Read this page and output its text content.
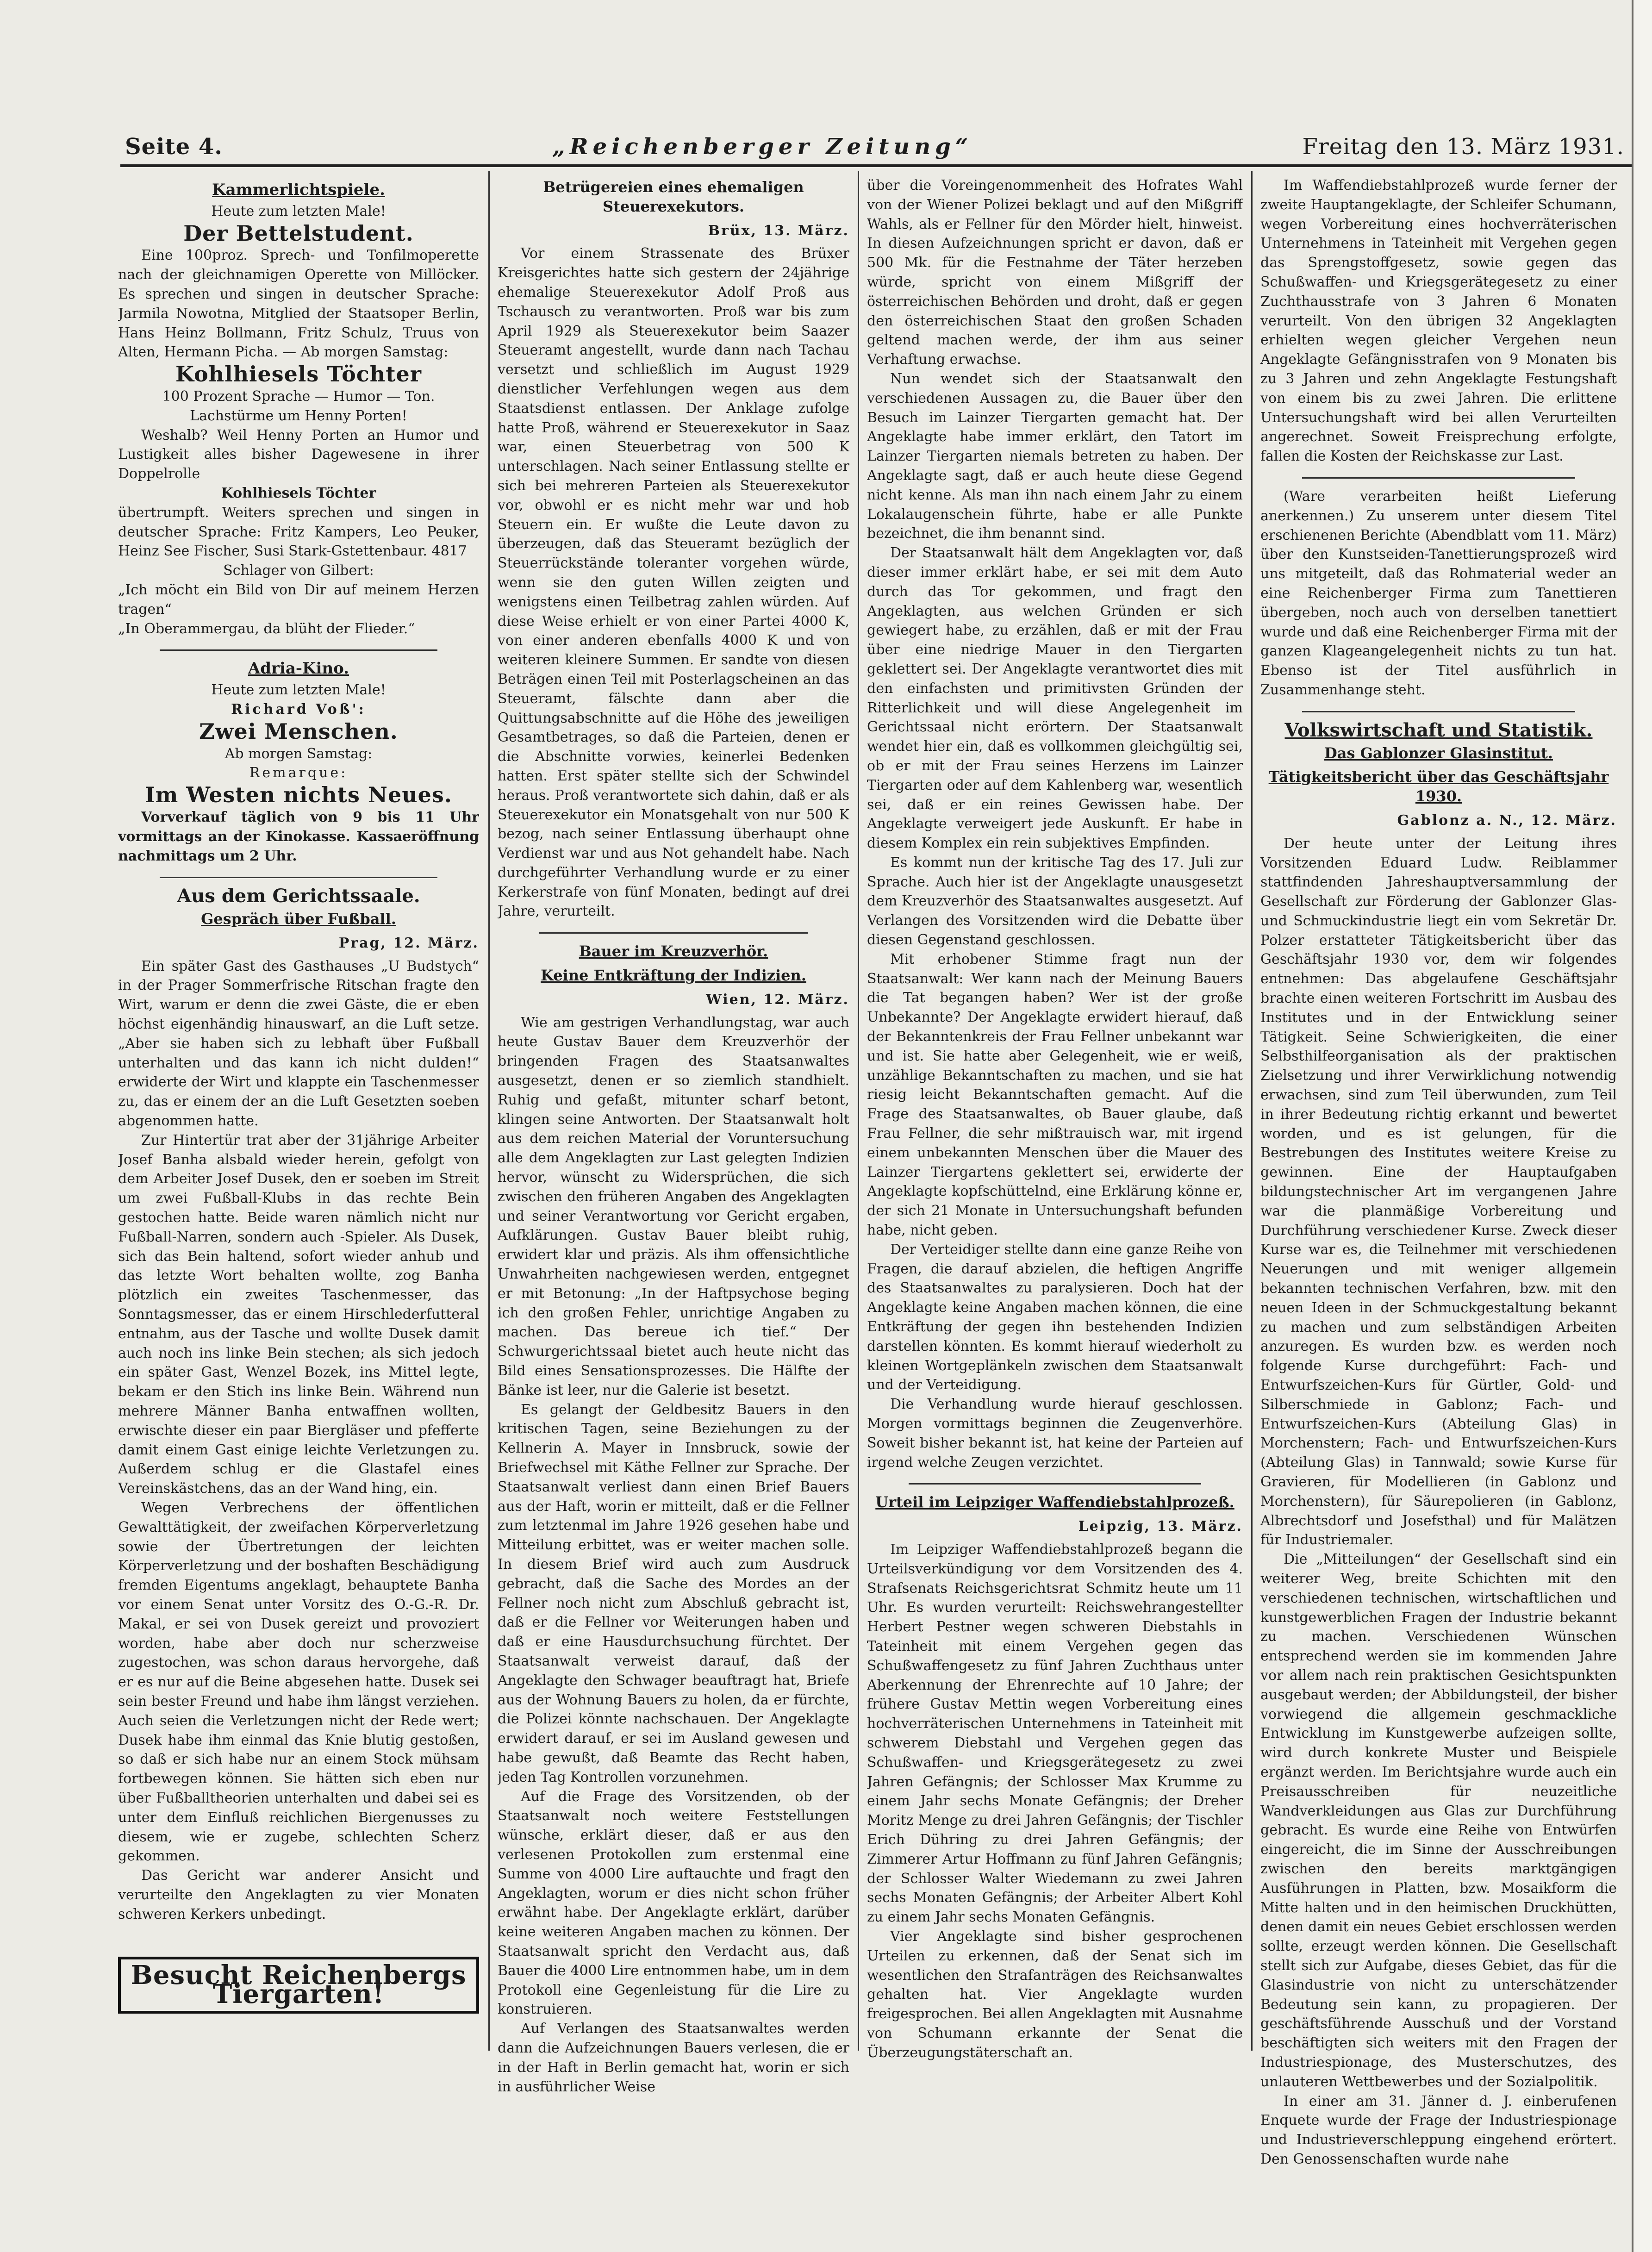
Seite 4.	„Reichenberger Zeitung“	Freitag den 13. März 1931.
Kammerlichtspiele.

Heute zum letzten Male!

Der Bettelstudent.

Eine 100proz. Sprech- und Tonfilmoperette nach der gleichnamigen Operette von Millöcker. Es sprechen und singen in deutscher Sprache: Jarmila Nowotna, Mitglied der Staatsoper Berlin, Hans Heinz Bollmann, Fritz Schulz, Truus von Alten, Hermann Picha. — Ab morgen Samstag:

Kohlhiesels Töchter

100 Prozent Sprache — Humor — Ton.

Lachstürme um Henny Porten!

Weshalb? Weil Henny Porten an Humor und Lustigkeit alles bisher Dagewesene in ihrer Doppelrolle

Kohlhiesels Töchter

übertrumpft. Weiters sprechen und singen in deutscher Sprache: Fritz Kampers, Leo Peuker, Heinz See Fischer, Susi Stark-Gstettenbaur. 4817

Schlager von Gilbert:

„Ich möcht ein Bild von Dir auf meinem Herzen tragen“

„In Oberammergau, da blüht der Flieder.“

Adria-Kino.

Heute zum letzten Male!

Richard Voß':

Zwei Menschen.

Ab morgen Samstag:

Remarque:

Im Westen nichts Neues.

Vorverkauf täglich von 9 bis 11 Uhr vormittags an der Kinokasse. Kassaeröffnung nachmittags um 2 Uhr.

Aus dem Gerichtssaale.
Gespräch über Fußball.
Prag, 12. März.

Ein später Gast des Gasthauses „U Budstych“ in der Prager Sommerfrische Ritschan fragte den Wirt, warum er denn die zwei Gäste, die er eben höchst eigenhändig hinauswarf, an die Luft setze. „Aber sie haben sich zu lebhaft über Fußball unterhalten und das kann ich nicht dulden!“ erwiderte der Wirt und klappte ein Taschenmesser zu, das er einem der an die Luft Gesetzten soeben abgenommen hatte.

Zur Hintertür trat aber der 31jährige Arbeiter Josef Banha alsbald wieder herein, gefolgt von dem Arbeiter Josef Dusek, den er soeben im Streit um zwei Fußball-Klubs in das rechte Bein gestochen hatte. Beide waren nämlich nicht nur Fußball-Narren, sondern auch -Spieler. Als Dusek, sich das Bein haltend, sofort wieder anhub und das letzte Wort behalten wollte, zog Banha plötzlich ein zweites Taschenmesser, das Sonntagsmesser, das er einem Hirschlederfutteral entnahm, aus der Tasche und wollte Dusek damit auch noch ins linke Bein stechen; als sich jedoch ein später Gast, Wenzel Bozek, ins Mittel legte, bekam er den Stich ins linke Bein. Während nun mehrere Männer Banha entwaffnen wollten, erwischte dieser ein paar Biergläser und pfefferte damit einem Gast einige leichte Verletzungen zu. Außerdem schlug er die Glastafel eines Vereinskästchens, das an der Wand hing, ein.

Wegen Verbrechens der öffentlichen Gewalttätigkeit, der zweifachen Körperverletzung sowie der Übertretungen der leichten Körperverletzung und der boshaften Beschädigung fremden Eigentums angeklagt, behauptete Banha vor einem Senat unter Vorsitz des O.-G.-R. Dr. Makal, er sei von Dusek gereizt und provoziert worden, habe aber doch nur scherzweise zugestochen, was schon daraus hervorgehe, daß er es nur auf die Beine abgesehen hatte. Dusek sei sein bester Freund und habe ihm längst verziehen. Auch seien die Verletzungen nicht der Rede wert; Dusek habe ihm einmal das Knie blutig gestoßen, so daß er sich habe nur an einem Stock mühsam fortbewegen können. Sie hätten sich eben nur über Fußballtheorien unterhalten und dabei sei es unter dem Einfluß reichlichen Biergenusses zu diesem, wie er zugebe, schlechten Scherz gekommen.

Das Gericht war anderer Ansicht und verurteilte den Angeklagten zu vier Monaten schweren Kerkers unbedingt.

Besucht Reichenbergs Tiergarten!
Betrügereien eines ehemaligen Steuerexekutors.
Brüx, 13. März.

Vor einem Strassenate des Brüxer Kreisgerichtes hatte sich gestern der 24jährige ehemalige Steuerexekutor Adolf Proß aus Tschausch zu verantworten. Proß war bis zum April 1929 als Steuerexekutor beim Saazer Steueramt angestellt, wurde dann nach Tachau versetzt und schließlich im August 1929 dienstlicher Verfehlungen wegen aus dem Staatsdienst entlassen. Der Anklage zufolge hatte Proß, während er Steuerexekutor in Saaz war, einen Steuerbetrag von 500 K unterschlagen. Nach seiner Entlassung stellte er sich bei mehreren Parteien als Steuerexekutor vor, obwohl er es nicht mehr war und hob Steuern ein. Er wußte die Leute davon zu überzeugen, daß das Steueramt bezüglich der Steuerrückstände toleranter vorgehen würde, wenn sie den guten Willen zeigten und wenigstens einen Teilbetrag zahlen würden. Auf diese Weise erhielt er von einer Partei 4000 K, von einer anderen ebenfalls 4000 K und von weiteren kleinere Summen. Er sandte von diesen Beträgen einen Teil mit Posterlagscheinen an das Steueramt, fälschte dann aber die Quittungsabschnitte auf die Höhe des jeweiligen Gesamtbetrages, so daß die Parteien, denen er die Abschnitte vorwies, keinerlei Bedenken hatten. Erst später stellte sich der Schwindel heraus. Proß verantwortete sich dahin, daß er als Steuerexekutor ein Monatsgehalt von nur 500 K bezog, nach seiner Entlassung überhaupt ohne Verdienst war und aus Not gehandelt habe. Nach durchgeführter Verhandlung wurde er zu einer Kerkerstrafe von fünf Monaten, bedingt auf drei Jahre, verurteilt.

Bauer im Kreuzverhör.
Keine Entkräftung der Indizien.
Wien, 12. März.

Wie am gestrigen Verhandlungstag, war auch heute Gustav Bauer dem Kreuzverhör der bringenden Fragen des Staatsanwaltes ausgesetzt, denen er so ziemlich standhielt. Ruhig und gefaßt, mitunter scharf betont, klingen seine Antworten. Der Staatsanwalt holt aus dem reichen Material der Voruntersuchung alle dem Angeklagten zur Last gelegten Indizien hervor, wünscht zu Widersprüchen, die sich zwischen den früheren Angaben des Angeklagten und seiner Verantwortung vor Gericht ergaben, Aufklärungen. Gustav Bauer bleibt ruhig, erwidert klar und präzis. Als ihm offensichtliche Unwahrheiten nachgewiesen werden, entgegnet er mit Betonung: „In der Haftpsychose beging ich den großen Fehler, unrichtige Angaben zu machen. Das bereue ich tief.“ Der Schwurgerichtssaal bietet auch heute nicht das Bild eines Sensationsprozesses. Die Hälfte der Bänke ist leer, nur die Galerie ist besetzt.

Es gelangt der Geldbesitz Bauers in den kritischen Tagen, seine Beziehungen zu der Kellnerin A. Mayer in Innsbruck, sowie der Briefwechsel mit Käthe Fellner zur Sprache. Der Staatsanwalt verliest dann einen Brief Bauers aus der Haft, worin er mitteilt, daß er die Fellner zum letztenmal im Jahre 1926 gesehen habe und Mitteilung erbittet, was er weiter machen solle. In diesem Brief wird auch zum Ausdruck gebracht, daß die Sache des Mordes an der Fellner noch nicht zum Abschluß gebracht ist, daß er die Fellner vor Weiterungen haben und daß er eine Hausdurchsuchung fürchtet. Der Staatsanwalt verweist darauf, daß der Angeklagte den Schwager beauftragt hat, Briefe aus der Wohnung Bauers zu holen, da er fürchte, die Polizei könnte nachschauen. Der Angeklagte erwidert darauf, er sei im Ausland gewesen und habe gewußt, daß Beamte das Recht haben, jeden Tag Kontrollen vorzunehmen.

Auf die Frage des Vorsitzenden, ob der Staatsanwalt noch weitere Feststellungen wünsche, erklärt dieser, daß er aus den verlesenen Protokollen zum erstenmal eine Summe von 4000 Lire auftauchte und fragt den Angeklagten, worum er dies nicht schon früher erwähnt habe. Der Angeklagte erklärt, darüber keine weiteren Angaben machen zu können. Der Staatsanwalt spricht den Verdacht aus, daß Bauer die 4000 Lire entnommen habe, um in dem Protokoll eine Gegenleistung für die Lire zu konstruieren.

Auf Verlangen des Staatsanwaltes werden dann die Aufzeichnungen Bauers verlesen, die er in der Haft in Berlin gemacht hat, worin er sich in ausführlicher Weise

über die Voreingenommenheit des Hofrates Wahl von der Wiener Polizei beklagt und auf den Mißgriff Wahls, als er Fellner für den Mörder hielt, hinweist. In diesen Aufzeichnungen spricht er davon, daß er 500 Mk. für die Festnahme der Täter herzeben würde, spricht von einem Mißgriff der österreichischen Behörden und droht, daß er gegen den österreichischen Staat den großen Schaden geltend machen werde, der ihm aus seiner Verhaftung erwachse.

Nun wendet sich der Staatsanwalt den verschiedenen Aussagen zu, die Bauer über den Besuch im Lainzer Tiergarten gemacht hat. Der Angeklagte habe immer erklärt, den Tatort im Lainzer Tiergarten niemals betreten zu haben. Der Angeklagte sagt, daß er auch heute diese Gegend nicht kenne. Als man ihn nach einem Jahr zu einem Lokalaugenschein führte, habe er alle Punkte bezeichnet, die ihm benannt sind.

Der Staatsanwalt hält dem Angeklagten vor, daß dieser immer erklärt habe, er sei mit dem Auto durch das Tor gekommen, und fragt den Angeklagten, aus welchen Gründen er sich gewiegert habe, zu erzählen, daß er mit der Frau über eine niedrige Mauer in den Tiergarten geklettert sei. Der Angeklagte verantwortet dies mit den einfachsten und primitivsten Gründen der Ritterlichkeit und will diese Angelegenheit im Gerichtssaal nicht erörtern. Der Staatsanwalt wendet hier ein, daß es vollkommen gleichgültig sei, ob er mit der Frau seines Herzens im Lainzer Tiergarten oder auf dem Kahlenberg war, wesentlich sei, daß er ein reines Gewissen habe. Der Angeklagte verweigert jede Auskunft. Er habe in diesem Komplex ein rein subjektives Empfinden.

Es kommt nun der kritische Tag des 17. Juli zur Sprache. Auch hier ist der Angeklagte unausgesetzt dem Kreuzverhör des Staatsanwaltes ausgesetzt. Auf Verlangen des Vorsitzenden wird die Debatte über diesen Gegenstand geschlossen.

Mit erhobener Stimme fragt nun der Staatsanwalt: Wer kann nach der Meinung Bauers die Tat begangen haben? Wer ist der große Unbekannte? Der Angeklagte erwidert hierauf, daß der Bekanntenkreis der Frau Fellner unbekannt war und ist. Sie hatte aber Gelegenheit, wie er weiß, unzählige Bekanntschaften zu machen, und sie hat riesig leicht Bekanntschaften gemacht. Auf die Frage des Staatsanwaltes, ob Bauer glaube, daß Frau Fellner, die sehr mißtrauisch war, mit irgend einem unbekannten Menschen über die Mauer des Lainzer Tiergartens geklettert sei, erwiderte der Angeklagte kopfschüttelnd, eine Erklärung könne er, der sich 21 Monate in Untersuchungshaft befunden habe, nicht geben.

Der Verteidiger stellte dann eine ganze Reihe von Fragen, die darauf abzielen, die heftigen Angriffe des Staatsanwaltes zu paralysieren. Doch hat der Angeklagte keine Angaben machen können, die eine Entkräftung der gegen ihn bestehenden Indizien darstellen könnten. Es kommt hierauf wiederholt zu kleinen Wortgeplänkeln zwischen dem Staatsanwalt und der Verteidigung.

Die Verhandlung wurde hierauf geschlossen. Morgen vormittags beginnen die Zeugenverhöre. Soweit bisher bekannt ist, hat keine der Parteien auf irgend welche Zeugen verzichtet.

Urteil im Leipziger Waffendiebstahlprozeß.
Leipzig, 13. März.

Im Leipziger Waffendiebstahlprozeß begann die Urteilsverkündigung vor dem Vorsitzenden des 4. Strafsenats Reichsgerichtsrat Schmitz heute um 11 Uhr. Es wurden verurteilt: Reichswehrangestellter Herbert Pestner wegen schweren Diebstahls in Tateinheit mit einem Vergehen gegen das Schußwaffengesetz zu fünf Jahren Zuchthaus unter Aberkennung der Ehrenrechte auf 10 Jahre; der frühere Gustav Mettin wegen Vorbereitung eines hochverräterischen Unternehmens in Tateinheit mit schwerem Diebstahl und Vergehen gegen das Schußwaffen- und Kriegsgerätegesetz zu zwei Jahren Gefängnis; der Schlosser Max Krumme zu einem Jahr sechs Monate Gefängnis; der Dreher Moritz Menge zu drei Jahren Gefängnis; der Tischler Erich Dühring zu drei Jahren Gefängnis; der Zimmerer Artur Hoffmann zu fünf Jahren Gefängnis; der Schlosser Walter Wiedemann zu zwei Jahren sechs Monaten Gefängnis; der Arbeiter Albert Kohl zu einem Jahr sechs Monaten Gefängnis.

Vier Angeklagte sind bisher gesprochenen Urteilen zu erkennen, daß der Senat sich im wesentlichen den Strafanträgen des Reichsanwaltes gehalten hat. Vier Angeklagte wurden freigesprochen. Bei allen Angeklagten mit Ausnahme von Schumann erkannte der Senat die Überzeugungstäterschaft an.

Im Waffendiebstahlprozeß wurde ferner der zweite Hauptangeklagte, der Schleifer Schumann, wegen Vorbereitung eines hochverräterischen Unternehmens in Tateinheit mit Vergehen gegen das Sprengstoffgesetz, sowie gegen das Schußwaffen- und Kriegsgerätegesetz zu einer Zuchthausstrafe von 3 Jahren 6 Monaten verurteilt. Von den übrigen 32 Angeklagten erhielten wegen gleicher Vergehen neun Angeklagte Gefängnisstrafen von 9 Monaten bis zu 3 Jahren und zehn Angeklagte Festungshaft von einem bis zu zwei Jahren. Die erlittene Untersuchungshaft wird bei allen Verurteilten angerechnet. Soweit Freisprechung erfolgte, fallen die Kosten der Reichskasse zur Last.

(Ware verarbeiten heißt Lieferung anerkennen.) Zu unserem unter diesem Titel erschienenen Berichte (Abendblatt vom 11. März) über den Kunstseiden-Tanettierungsprozeß wird uns mitgeteilt, daß das Rohmaterial weder an eine Reichenberger Firma zum Tanettieren übergeben, noch auch von derselben tanettiert wurde und daß eine Reichenberger Firma mit der ganzen Klageangelegenheit nichts zu tun hat. Ebenso ist der Titel ausführlich in Zusammenhange steht.

Volkswirtschaft und Statistik.
Das Gablonzer Glasinstitut.
Tätigkeitsbericht über das Geschäftsjahr 1930.
Gablonz a. N., 12. März.

Der heute unter der Leitung ihres Vorsitzenden Eduard Ludw. Reiblammer stattfindenden Jahreshauptversammlung der Gesellschaft zur Förderung der Gablonzer Glas- und Schmuckindustrie liegt ein vom Sekretär Dr. Polzer erstatteter Tätigkeitsbericht über das Geschäftsjahr 1930 vor, dem wir folgendes entnehmen: Das abgelaufene Geschäftsjahr brachte einen weiteren Fortschritt im Ausbau des Institutes und in der Entwicklung seiner Tätigkeit. Seine Schwierigkeiten, die einer Selbsthilfeorganisation als der praktischen Zielsetzung und ihrer Verwirklichung notwendig erwachsen, sind zum Teil überwunden, zum Teil in ihrer Bedeutung richtig erkannt und bewertet worden, und es ist gelungen, für die Bestrebungen des Institutes weitere Kreise zu gewinnen. Eine der Hauptaufgaben bildungstechnischer Art im vergangenen Jahre war die planmäßige Vorbereitung und Durchführung verschiedener Kurse. Zweck dieser Kurse war es, die Teilnehmer mit verschiedenen Neuerungen und mit weniger allgemein bekannten technischen Verfahren, bzw. mit den neuen Ideen in der Schmuckgestaltung bekannt zu machen und zum selbständigen Arbeiten anzuregen. Es wurden bzw. es werden noch folgende Kurse durchgeführt: Fach- und Entwurfszeichen-Kurs für Gürtler, Gold- und Silberschmiede in Gablonz; Fach- und Entwurfszeichen-Kurs (Abteilung Glas) in Morchenstern; Fach- und Entwurfszeichen-Kurs (Abteilung Glas) in Tannwald; sowie Kurse für Gravieren, für Modellieren (in Gablonz und Morchenstern), für Säurepolieren (in Gablonz, Albrechtsdorf und Josefsthal) und für Malätzen für Industriemaler.

Die „Mitteilungen“ der Gesellschaft sind ein weiterer Weg, breite Schichten mit den verschiedenen technischen, wirtschaftlichen und kunstgewerblichen Fragen der Industrie bekannt zu machen. Verschiedenen Wünschen entsprechend werden sie im kommenden Jahre vor allem nach rein praktischen Gesichtspunkten ausgebaut werden; der Abbildungsteil, der bisher vorwiegend die allgemein geschmackliche Entwicklung im Kunstgewerbe aufzeigen sollte, wird durch konkrete Muster und Beispiele ergänzt werden. Im Berichtsjahre wurde auch ein Preisausschreiben für neuzeitliche Wandverkleidungen aus Glas zur Durchführung gebracht. Es wurde eine Reihe von Entwürfen eingereicht, die im Sinne der Ausschreibungen zwischen den bereits marktgängigen Ausführungen in Platten, bzw. Mosaikform die Mitte halten und in den heimischen Druckhütten, denen damit ein neues Gebiet erschlossen werden sollte, erzeugt werden können. Die Gesellschaft stellt sich zur Aufgabe, dieses Gebiet, das für die Glasindustrie von nicht zu unterschätzender Bedeutung sein kann, zu propagieren. Der geschäftsführende Ausschuß und der Vorstand beschäftigten sich weiters mit den Fragen der Industriespionage, des Musterschutzes, des unlauteren Wettbewerbes und der Sozialpolitik.

In einer am 31. Jänner d. J. einberufenen Enquete wurde der Frage der Industriespionage und Industrieverschleppung eingehend erörtert. Den Genossenschaften wurde nahe
